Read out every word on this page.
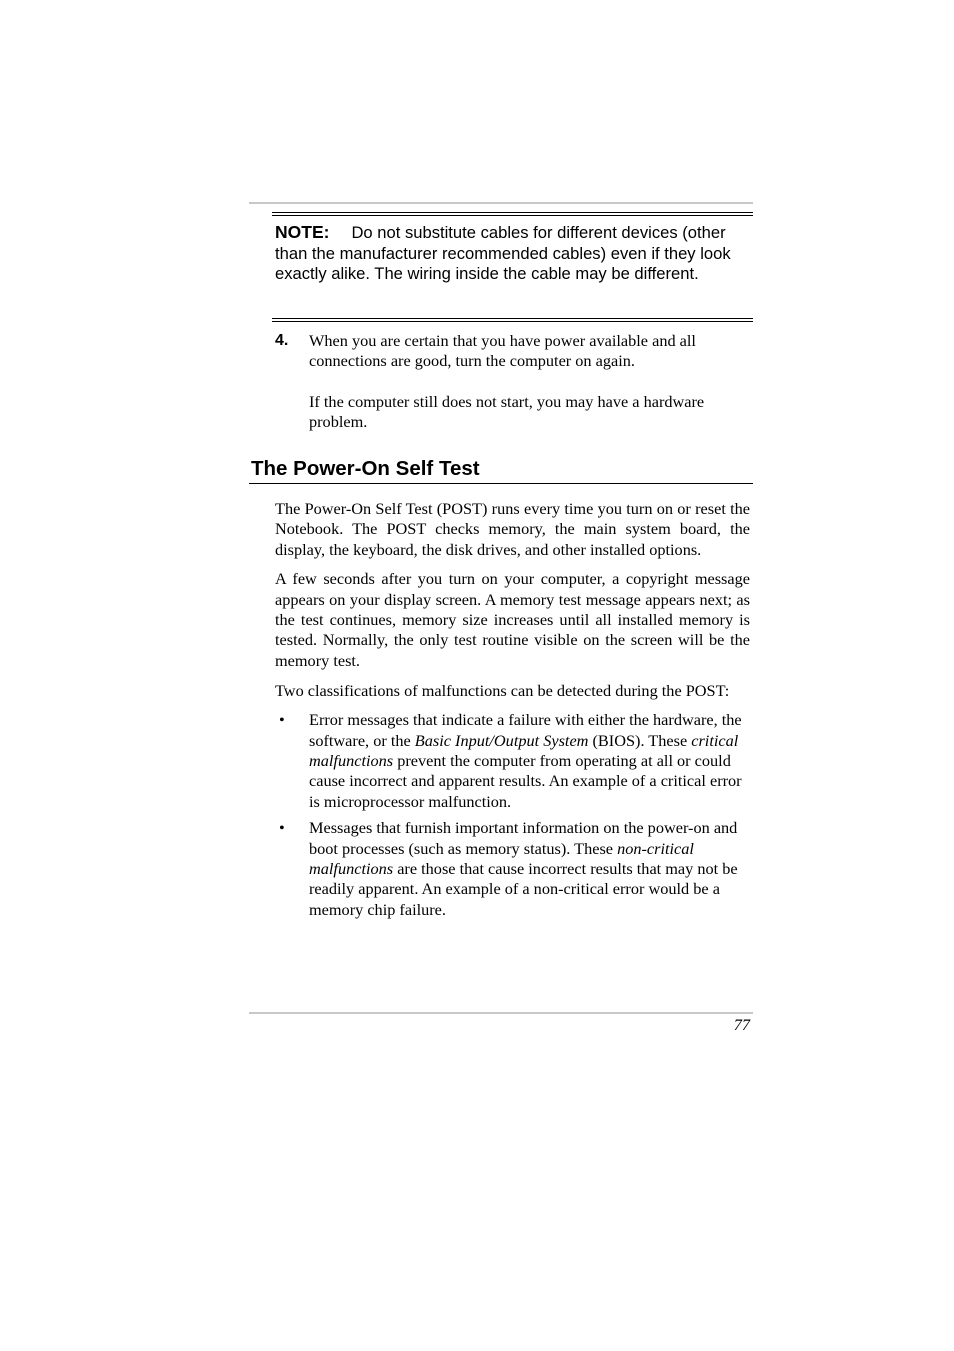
NOTE: Do not substitute cables for different devices (other than the manufacturer recommended cables) even if they look exactly alike. The wiring inside the cable may be different.

4. When you are certain that you have power available and all connections are good, turn the computer on again.

If the computer still does not start, you may have a hardware problem.

The Power-On Self Test

The Power-On Self Test (POST) runs every time you turn on or reset the Notebook. The POST checks memory, the main system board, the display, the keyboard, the disk drives, and other installed options.

A few seconds after you turn on your computer, a copyright message appears on your display screen. A memory test message appears next; as the test continues, memory size increases until all installed memory is tested. Normally, the only test routine visible on the screen will be the memory test.

Two classifications of malfunctions can be detected during the POST:

• Error messages that indicate a failure with either the hardware, the software, or the Basic Input/Output System (BIOS). These critical malfunctions prevent the computer from operating at all or could cause incorrect and apparent results. An example of a critical error is microprocessor malfunction.
• Messages that furnish important information on the power-on and boot processes (such as memory status). These non-critical malfunctions are those that cause incorrect results that may not be readily apparent. An example of a non-critical error would be a memory chip failure.
77
